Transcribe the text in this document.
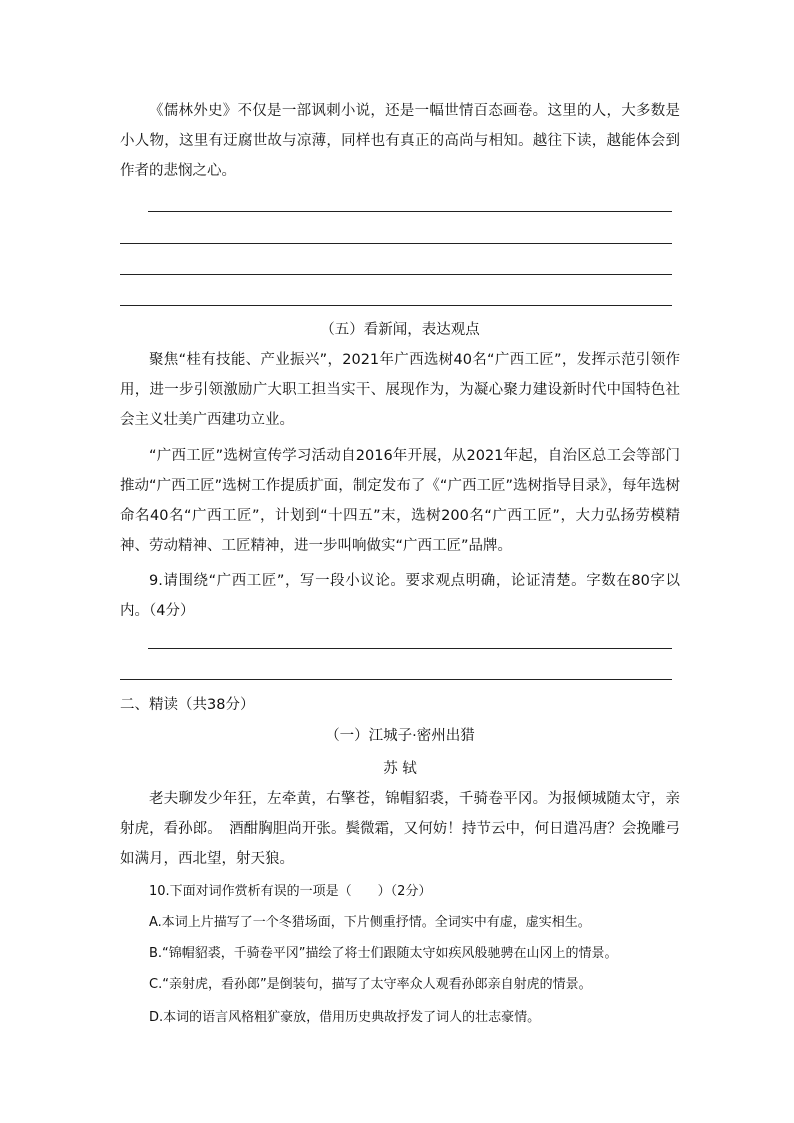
《儒林外史》不仅是一部讽刺小说，还是一幅世情百态画卷。这里的人，大多数是小人物，这里有迂腐世故与凉薄，同样也有真正的高尚与相知。越往下读，越能体会到作者的悲悯之心。

（五）看新闻，表达观点

聚焦“桂有技能、产业振兴”，2021年广西选树40名“广西工匠”，发挥示范引领作用，进一步引领激励广大职工担当实干、展现作为，为凝心聚力建设新时代中国特色社会主义壮美广西建功立业。

“广西工匠”选树宣传学习活动自2016年开展，从2021年起，自治区总工会等部门推动“广西工匠”选树工作提质扩面，制定发布了《“广西工匠”选树指导目录》，每年选树命名40名“广西工匠”，计划到“十四五”末，选树200名“广西工匠”，大力弘扬劳模精神、劳动精神、工匠精神，进一步叫响做实“广西工匠”品牌。

9.请围绕“广西工匠”，写一段小议论。要求观点明确，论证清楚。字数在80字以内。（4分）

二、精读（共38分）

（一）江城子·密州出猎

苏 轼

老夫聊发少年狂，左牵黄，右擎苍，锦帽貂裘，千骑卷平冈。为报倾城随太守，亲射虎，看孙郎。　酒酣胸胆尚开张。鬓微霜，又何妨！持节云中，何日遣冯唐？会挽雕弓如满月，西北望，射天狼。

10.下面对词作赏析有误的一项是（　　）（2分）

A.本词上片描写了一个冬猎场面，下片侧重抒情。全词实中有虚，虚实相生。

B.“锦帽貂裘，千骑卷平冈”描绘了将士们跟随太守如疾风般驰骋在山冈上的情景。

C.“亲射虎，看孙郎”是倒装句，描写了太守率众人观看孙郎亲自射虎的情景。

D.本词的语言风格粗犷豪放，借用历史典故抒发了词人的壮志豪情。
